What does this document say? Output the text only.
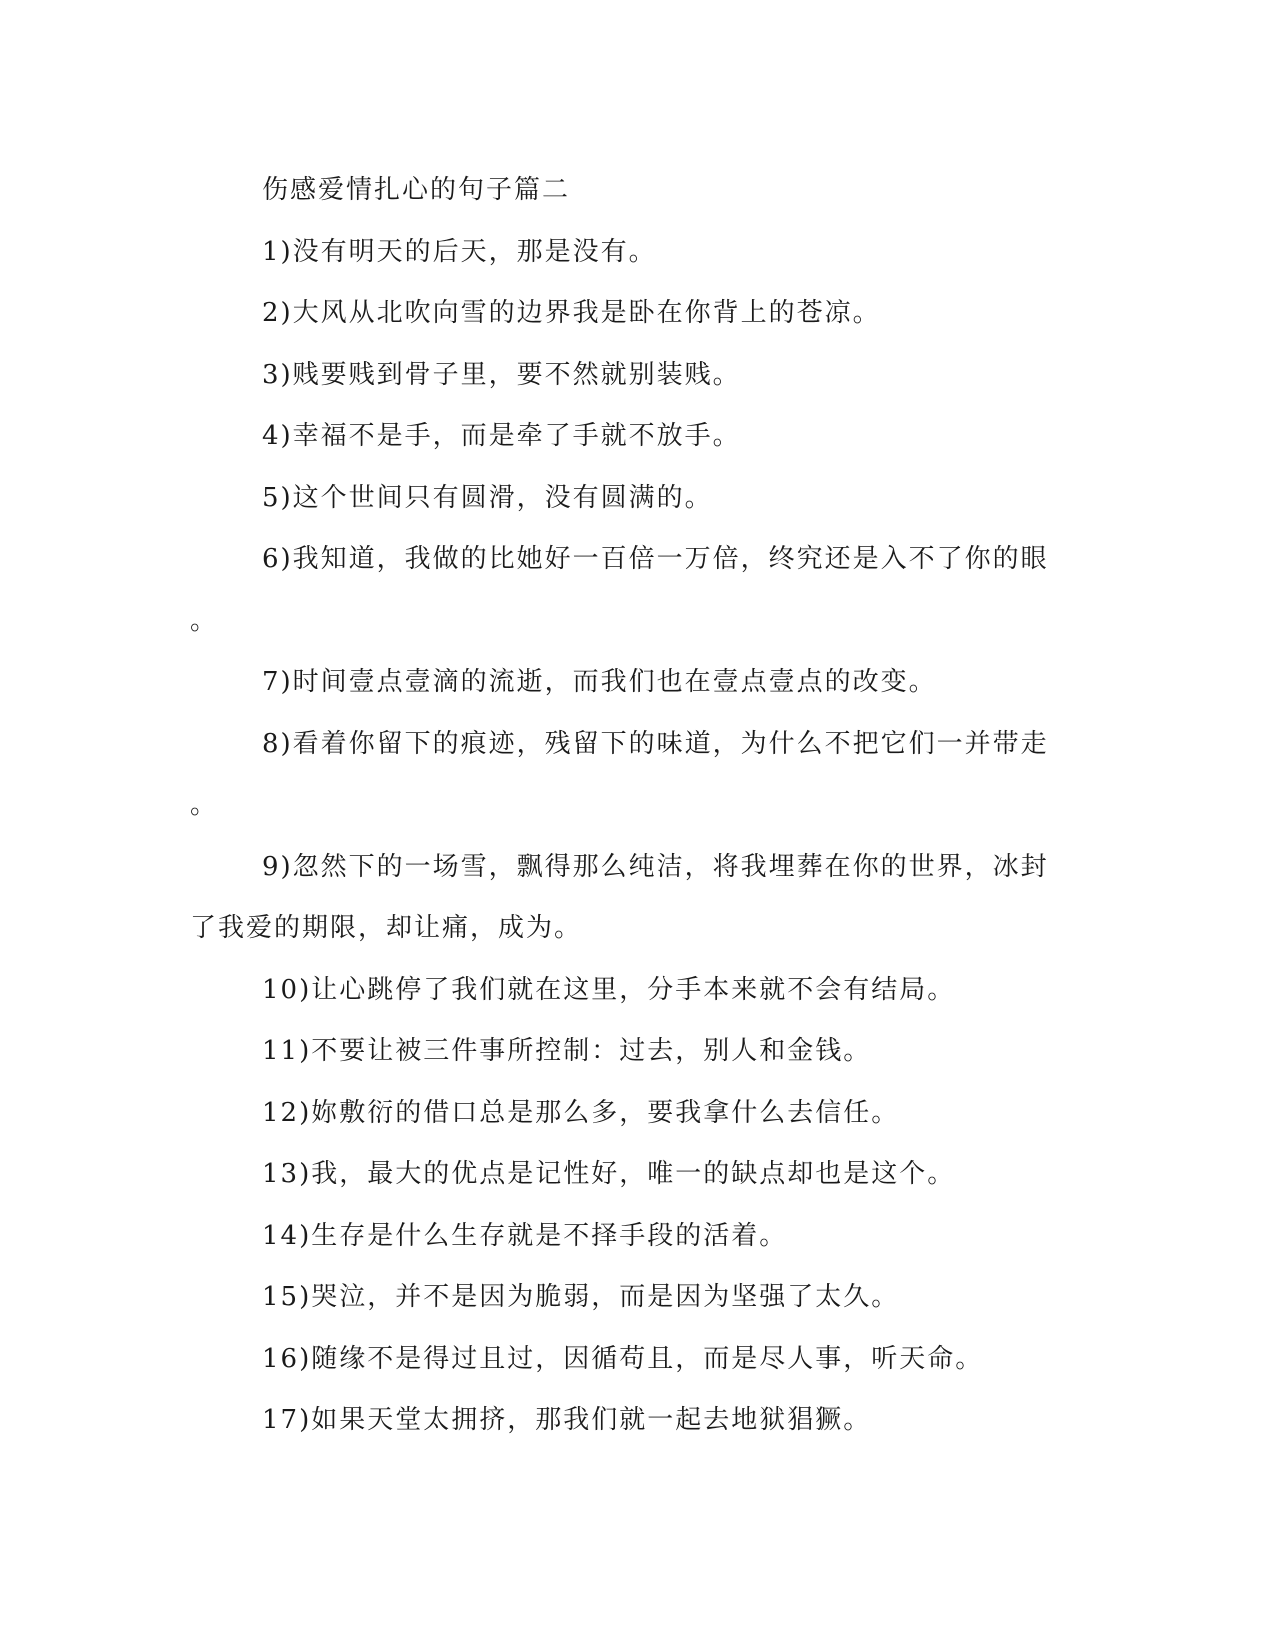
伤感爱情扎心的句子篇二
1)没有明天的后天，那是没有。
2)大风从北吹向雪的边界我是卧在你背上的苍凉。
3)贱要贱到骨子里，要不然就别装贱。
4)幸福不是手，而是牵了手就不放手。
5)这个世间只有圆滑，没有圆满的。
6)我知道，我做的比她好一百倍一万倍，终究还是入不了你的眼
。
7)时间壹点壹滴的流逝，而我们也在壹点壹点的改变。
8)看着你留下的痕迹，残留下的味道，为什么不把它们一并带走
。
9)忽然下的一场雪，飘得那么纯洁，将我埋葬在你的世界，冰封
了我爱的期限，却让痛，成为。
10)让心跳停了我们就在这里，分手本来就不会有结局。
11)不要让被三件事所控制：过去，别人和金钱。
12)妳敷衍的借口总是那么多，要我拿什么去信任。
13)我，最大的优点是记性好，唯一的缺点却也是这个。
14)生存是什么生存就是不择手段的活着。
15)哭泣，并不是因为脆弱，而是因为坚强了太久。
16)随缘不是得过且过，因循苟且，而是尽人事，听天命。
17)如果天堂太拥挤，那我们就一起去地狱猖獗。
